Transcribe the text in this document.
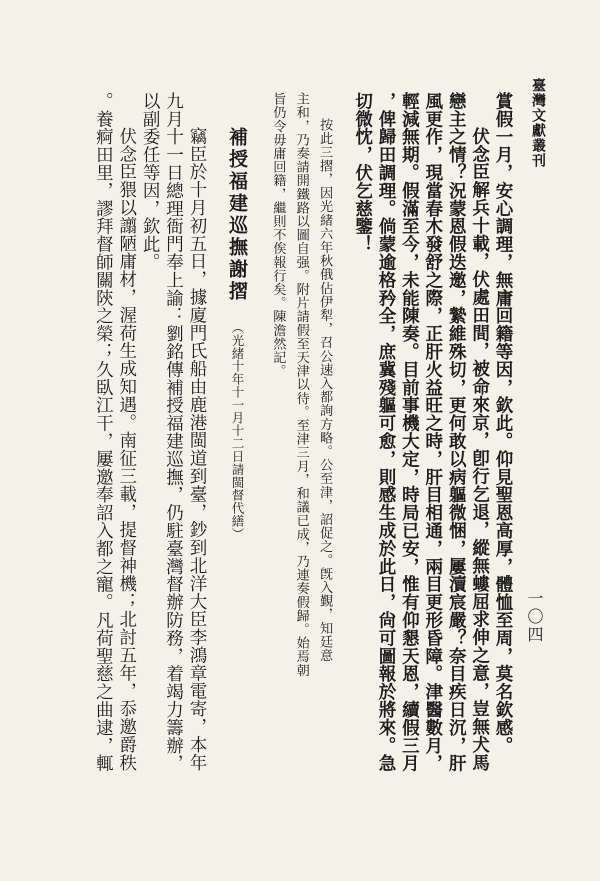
臺灣文獻叢刊
一〇四
賞假一月，安心調理，無庸回籍等因，欽此。仰見聖恩高厚，體恤至周，莫名欽感。
伏念臣解兵十載，伏處田間，被命來京，卽行乞退，縱無螻屈求伸之意，豈無犬馬
戀主之情？況蒙恩假迭邀，縶維殊切，更何敢以病軀微悃，屢瀆宸嚴？奈目疾日沉，肝
風更作，現當春木發舒之際，正肝火益旺之時，肝目相通，兩目更形昏障。津醫數月，
輕減無期。假滿至今，未能陳奏。目前事機大定，時局已安，惟有仰懇天恩，續假三月
，俾歸田調理。倘蒙逾格矜全，庶冀殘軀可愈，則感生成於此日，尙可圖報於將來。急
切微忱，伏乞慈鑒！
按此三摺，因光緒六年秋俄佔伊犁，召公速入都詢方略。公至津，詔促之。旣入覲，知廷意
主和，乃奏請開鐵路以圖自强。附片請假至天津以待。至津三月，和議已成，乃連奏假歸。始焉朝
旨仍令毋庸回籍，繼則不俟報行矣。陳澹然記。
補授福建巡撫謝摺 （光緒十年十一月十二日請閩督代繕）
竊臣於十月初五日，據廈門氏船由鹿港閩道到臺，鈔到北洋大臣李鴻章電寄，本年
九月十一日總理衙門奉上諭：劉銘傳補授福建巡撫，仍駐臺灣督辦防務，着竭力籌辦，
以副委任等因，欽此。
伏念臣猥以譾陋庸材，渥荷生成知遇。南征三載，提督神機；北討五年，忝邀爵秩
。養痾田里，謬拜督師關陝之榮；久臥江干，屢邀奉詔入都之寵。凡荷聖慈之曲逮，輒
